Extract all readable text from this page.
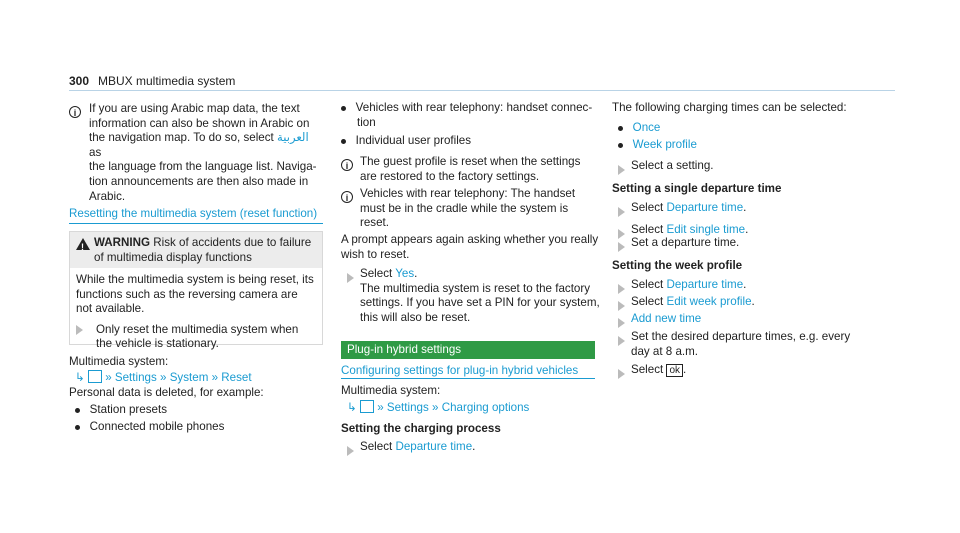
300 MBUX multimedia system
i	If you are using Arabic map data, the text
information can also be shown in Arabic on
the navigation map. To do so, select العربية as
the language from the language list. Naviga-
tion announcements are then also made in
Arabic.
Resetting the multimedia system (reset function)
! WARNING Risk of accidents due to failure
of multimedia display functions
While the multimedia system is being reset, its
functions such as the reversing camera are
not available.
Only reset the multimedia system when
the vehicle is stationary.
Multimedia system:
↳ » Settings » System » Reset
Personal data is deleted, for example:
Station presets
Connected mobile phones
Vehicles with rear telephony: handset connec-
tion
Individual user profiles
i	The guest profile is reset when the settings
are restored to the factory settings.
i	Vehicles with rear telephony: The handset
must be in the cradle while the system is
reset.
A prompt appears again asking whether you really
wish to reset.
Select Yes.
The multimedia system is reset to the factory
settings. If you have set a PIN for your system,
this will also be reset.
Plug-in hybrid settings
Configuring settings for plug-in hybrid vehicles
Multimedia system:
↳ » Settings » Charging options
Setting the charging process
Select Departure time.
The following charging times can be selected:
Once
Week profile
Select a setting.
Setting a single departure time
Select Departure time.
Select Edit single time.
Set a departure time.
Setting the week profile
Select Departure time.
Select Edit week profile.
Add new time
Set the desired departure times, e.g. every
day at 8 a.m.
Select ok .
